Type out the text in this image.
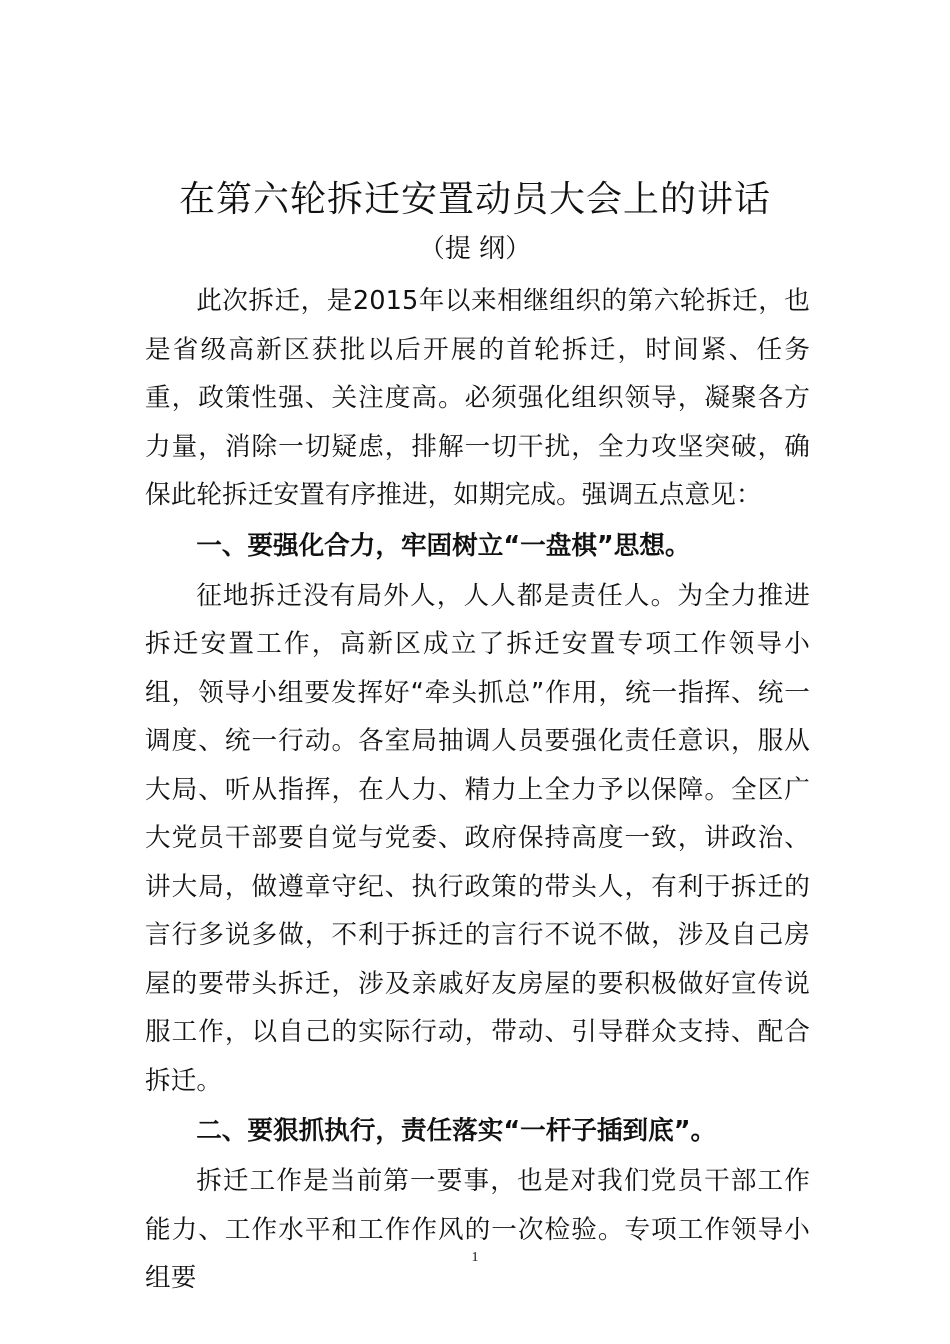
在第六轮拆迁安置动员大会上的讲话
（提 纲）

此次拆迁，是2015年以来相继组织的第六轮拆迁，也是省级高新区获批以后开展的首轮拆迁，时间紧、任务重，政策性强、关注度高。必须强化组织领导，凝聚各方力量，消除一切疑虑，排解一切干扰，全力攻坚突破，确保此轮拆迁安置有序推进，如期完成。强调五点意见：

一、要强化合力，牢固树立“一盘棋”思想。

征地拆迁没有局外人，人人都是责任人。为全力推进拆迁安置工作，高新区成立了拆迁安置专项工作领导小组，领导小组要发挥好“牵头抓总”作用，统一指挥、统一调度、统一行动。各室局抽调人员要强化责任意识，服从大局、听从指挥，在人力、精力上全力予以保障。全区广大党员干部要自觉与党委、政府保持高度一致，讲政治、讲大局，做遵章守纪、执行政策的带头人，有利于拆迁的言行多说多做，不利于拆迁的言行不说不做，涉及自己房屋的要带头拆迁，涉及亲戚好友房屋的要积极做好宣传说服工作，以自己的实际行动，带动、引导群众支持、配合拆迁。

二、要狠抓执行，责任落实“一杆子插到底”。

拆迁工作是当前第一要事，也是对我们党员干部工作能力、工作水平和工作作风的一次检验。专项工作领导小组要

1
